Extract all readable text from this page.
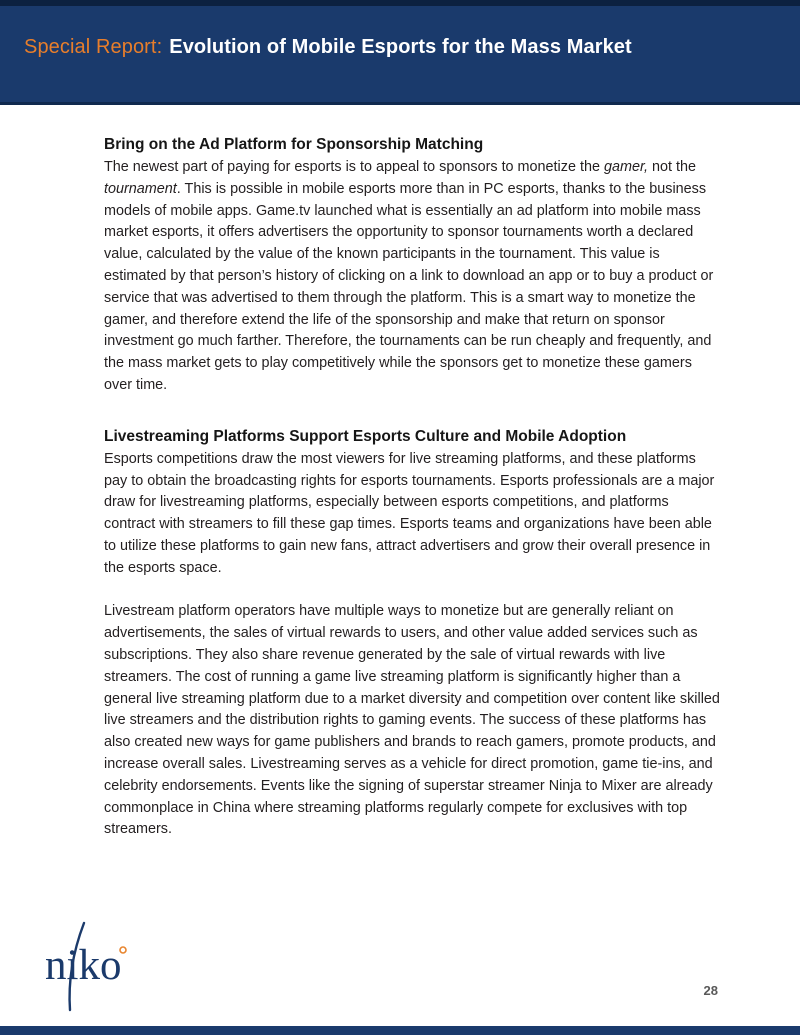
Special Report: Evolution of Mobile Esports for the Mass Market
Bring on the Ad Platform for Sponsorship Matching

The newest part of paying for esports is to appeal to sponsors to monetize the gamer, not the tournament. This is possible in mobile esports more than in PC esports, thanks to the business models of mobile apps. Game.tv launched what is essentially an ad platform into mobile mass market esports, it offers advertisers the opportunity to sponsor tournaments worth a declared value, calculated by the value of the known participants in the tournament. This value is estimated by that person’s history of clicking on a link to download an app or to buy a product or service that was advertised to them through the platform. This is a smart way to monetize the gamer, and therefore extend the life of the sponsorship and make that return on sponsor investment go much farther. Therefore, the tournaments can be run cheaply and frequently, and the mass market gets to play competitively while the sponsors get to monetize these gamers over time.

Livestreaming Platforms Support Esports Culture and Mobile Adoption

Esports competitions draw the most viewers for live streaming platforms, and these platforms pay to obtain the broadcasting rights for esports tournaments. Esports professionals are a major draw for livestreaming platforms, especially between esports competitions, and platforms contract with streamers to fill these gap times. Esports teams and organizations have been able to utilize these platforms to gain new fans, attract advertisers and grow their overall presence in the esports space.

Livestream platform operators have multiple ways to monetize but are generally reliant on advertisements, the sales of virtual rewards to users, and other value added services such as subscriptions. They also share revenue generated by the sale of virtual rewards with live streamers. The cost of running a game live streaming platform is significantly higher than a general live streaming platform due to a market diversity and competition over content like skilled live streamers and the distribution rights to gaming events. The success of these platforms has also created new ways for game publishers and brands to reach gamers, promote products, and increase overall sales. Livestreaming serves as a vehicle for direct promotion, game tie-ins, and celebrity endorsements. Events like the signing of superstar streamer Ninja to Mixer are already commonplace in China where streaming platforms regularly compete for exclusives with top streamers.

niko
28
